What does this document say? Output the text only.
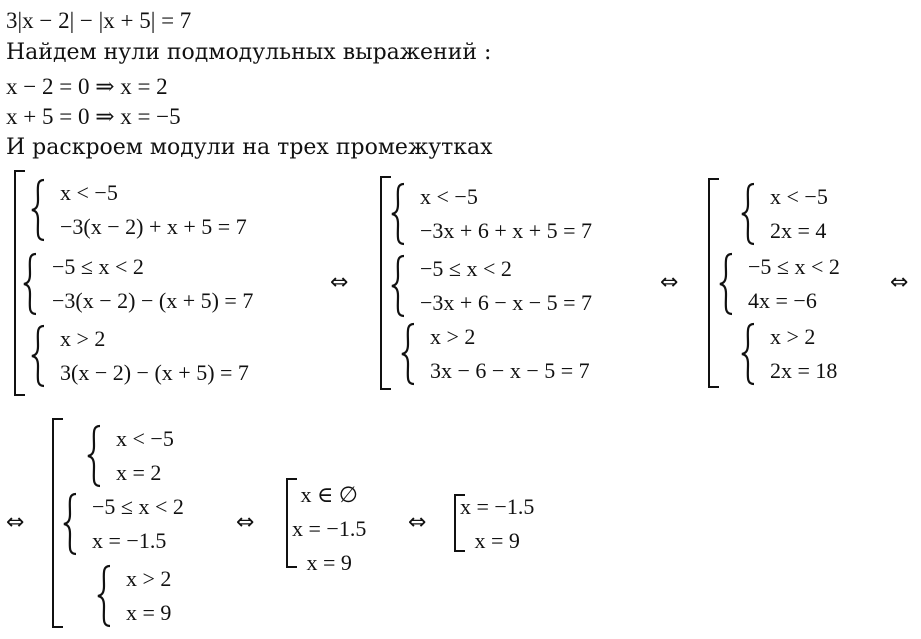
3|x − 2| − |x + 5| = 7
Найдем нули подмодульных выражений :
x − 2 = 0 ⇒ x = 2
x + 5 = 0 ⇒ x = −5
И раскроем модули на трех промежутках
x < −5
−3(x − 2) + x + 5 = 7
−5 ≤ x < 2
−3(x − 2) − (x + 5) = 7
x > 2
3(x − 2) − (x + 5) = 7
⇔
x < −5
−3x + 6 + x + 5 = 7
−5 ≤ x < 2
−3x + 6 − x − 5 = 7
x > 2
3x − 6 − x − 5 = 7
⇔
x < −5
2x = 4
−5 ≤ x < 2
4x = −6
x > 2
2x = 18
⇔
⇔
x < −5
x = 2
−5 ≤ x < 2
x = −1.5
x > 2
x = 9
⇔
x ∈ ∅
x = −1.5
x = 9
⇔
x = −1.5
x = 9
